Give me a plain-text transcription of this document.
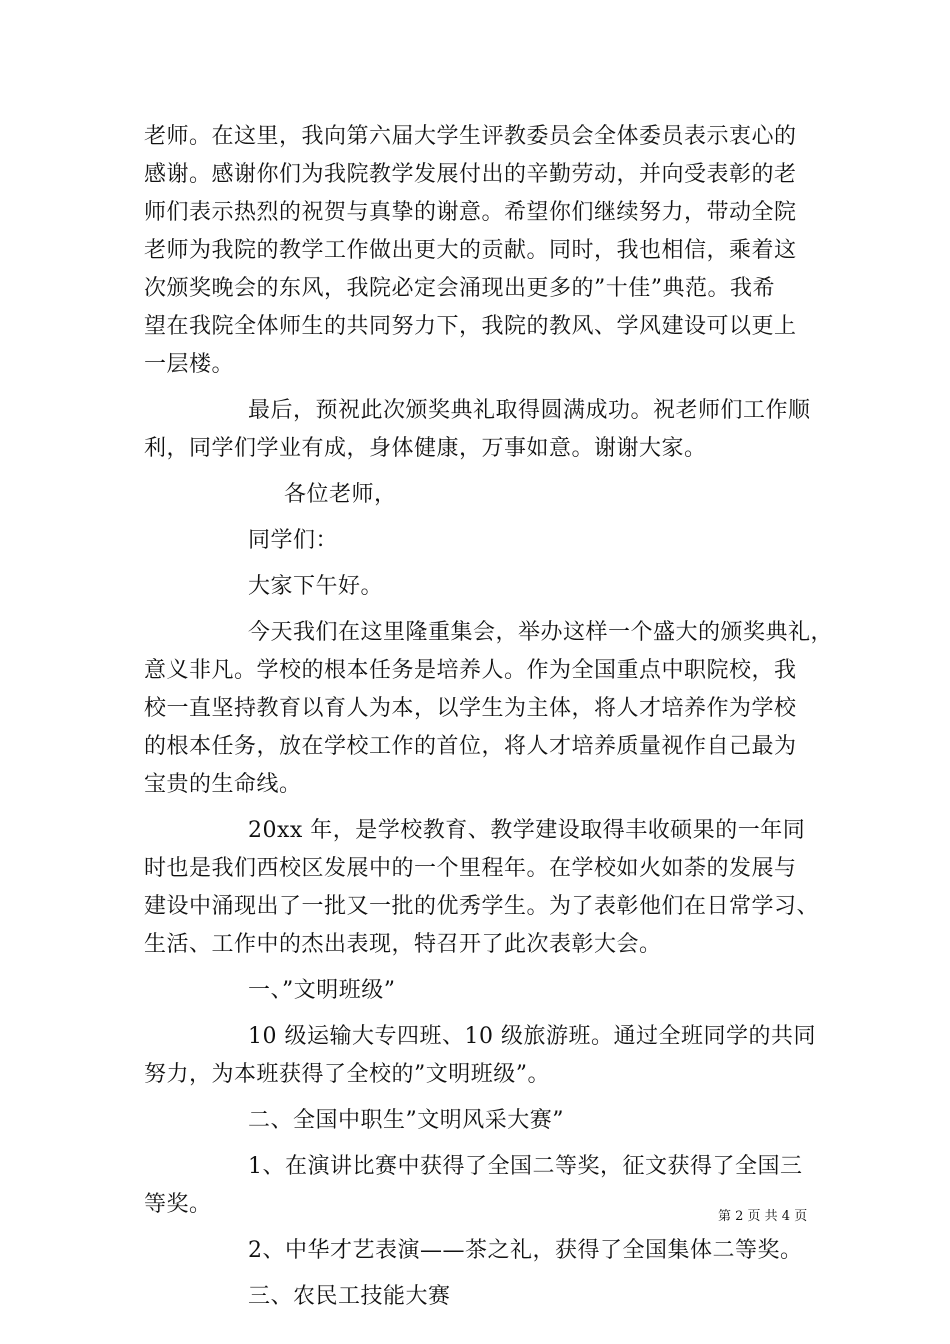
老师。在这里，我向第六届大学生评教委员会全体委员表示衷心的
感谢。感谢你们为我院教学发展付出的辛勤劳动，并向受表彰的老
师们表示热烈的祝贺与真挚的谢意。希望你们继续努力，带动全院
老师为我院的教学工作做出更大的贡献。同时，我也相信，乘着这
次颁奖晚会的东风，我院必定会涌现出更多的”十佳”典范。我希
望在我院全体师生的共同努力下，我院的教风、学风建设可以更上
一层楼。
最后，预祝此次颁奖典礼取得圆满成功。祝老师们工作顺
利，同学们学业有成，身体健康，万事如意。谢谢大家。
各位老师，
同学们：
大家下午好。
今天我们在这里隆重集会，举办这样一个盛大的颁奖典礼，
意义非凡。学校的根本任务是培养人。作为全国重点中职院校，我
校一直坚持教育以育人为本，以学生为主体，将人才培养作为学校
的根本任务，放在学校工作的首位，将人才培养质量视作自己最为
宝贵的生命线。
20xx 年，是学校教育、教学建设取得丰收硕果的一年同
时也是我们西校区发展中的一个里程年。在学校如火如荼的发展与
建设中涌现出了一批又一批的优秀学生。为了表彰他们在日常学习、
生活、工作中的杰出表现，特召开了此次表彰大会。
一、”文明班级”
10 级运输大专四班、10 级旅游班。通过全班同学的共同
努力，为本班获得了全校的”文明班级”。
二、全国中职生”文明风采大赛”
1、在演讲比赛中获得了全国二等奖，征文获得了全国三
等奖。
2、中华才艺表演——茶之礼，获得了全国集体二等奖。
三、农民工技能大赛
第 2 页 共 4 页
